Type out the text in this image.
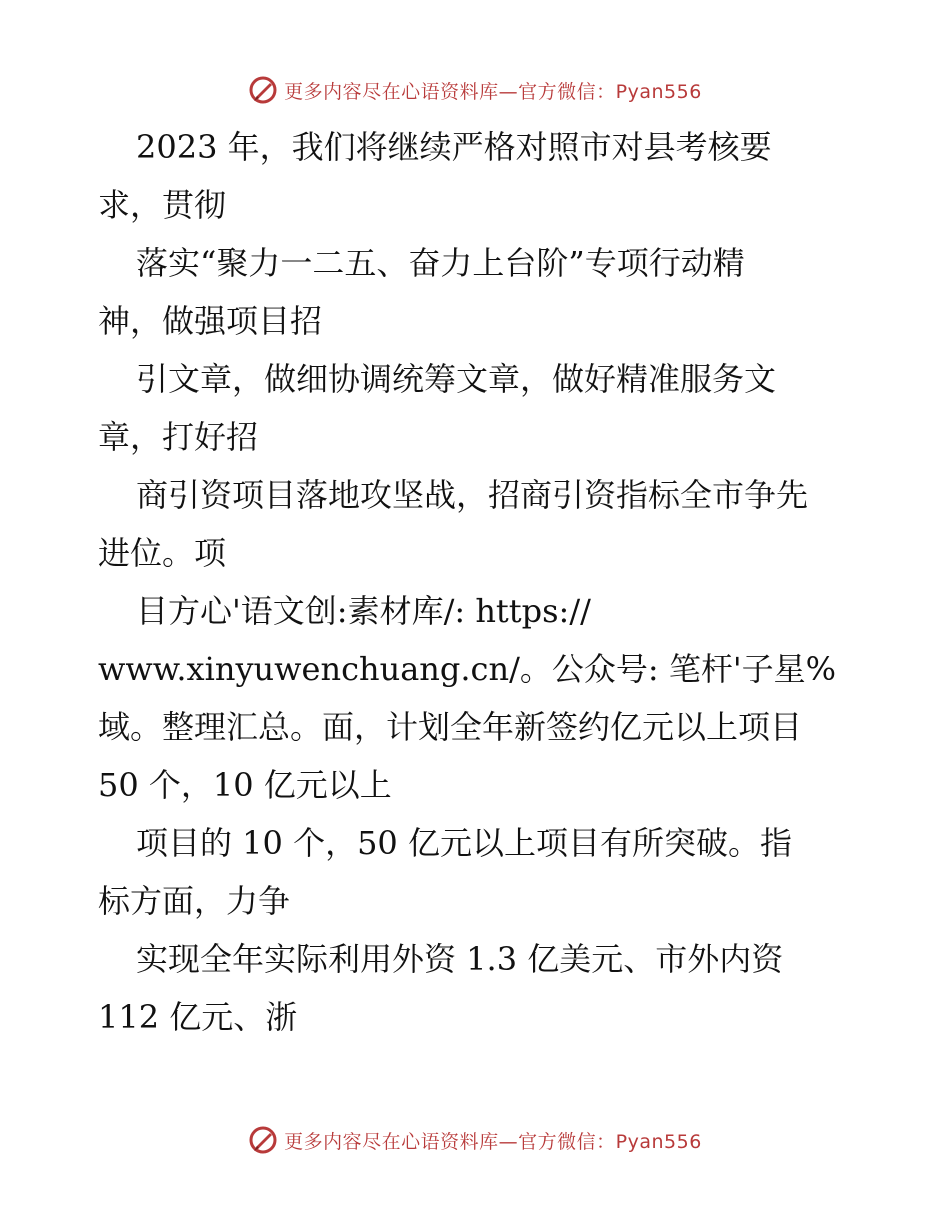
更多内容尽在心语资料库—官方微信：Pyan556
2023 年，我们将继续严格对照市对县考核要
求，贯彻
落实“聚力一二五、奋力上台阶”专项行动精
神，做强项目招
引文章，做细协调统筹文章，做好精准服务文
章，打好招
商引资项目落地攻坚战，招商引资指标全市争先
进位。项
目方心'语文创:素材库/: https://
www.xinyuwenchuang.cn/。公众号: 笔杆'子星%
域。整理汇总。面，计划全年新签约亿元以上项目
50 个，10 亿元以上
项目的 10 个，50 亿元以上项目有所突破。指
标方面，力争
实现全年实际利用外资 1.3 亿美元、市外内资
112 亿元、浙
更多内容尽在心语资料库—官方微信：Pyan556
